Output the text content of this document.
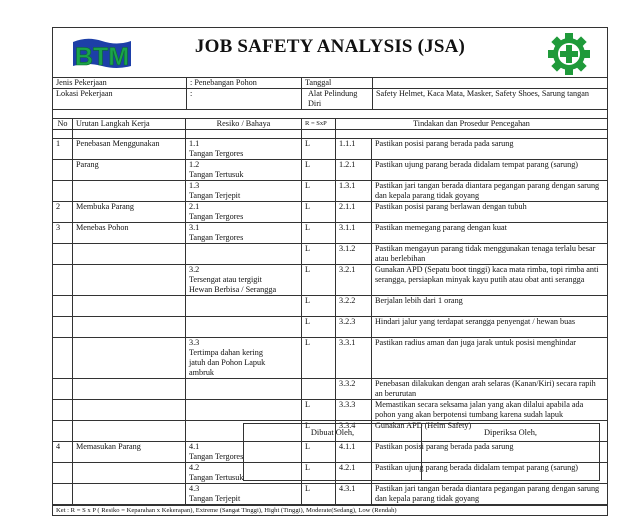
BTM	JOB SAFETY ANALYSIS (JSA)
Jenis Pekerjaan	: Penebangan Pohon	Tanggal	
Lokasi Pekerjaan	:	Alat Pelindung Diri	Safety Helmet, Kaca Mata, Masker, Safety Shoes, Sarung tangan
No	Urutan Langkah Kerja	Resiko / Bahaya	R = SxP	Tindakan dan Prosedur Pencegahan	

1	Penebasan Menggunakan	1.1Tangan Tergores	L	1.1.1	Pastikan posisi parang berada pada sarung
	Parang	1.2Tangan Tertusuk	L	1.2.1	Pastikan ujung parang berada didalam tempat parang (sarung)
		1.3Tangan Terjepit	L	1.3.1	Pastikan jari tangan berada diantara pegangan parang dengan sarung dan kepala parang tidak goyang
2	Membuka Parang	2.1Tangan Tergores	L	2.1.1	Pastikan posisi parang berlawan dengan tubuh
3	Menebas Pohon	3.1Tangan Tergores	L	3.1.1	Pastikan memegang parang dengan kuat
			L	3.1.2	Pastikan mengayun parang tidak menggunakan tenaga terlalu besar atau berlebihan
		3.2Tersengat atau tergigit Hewan Berbisa / Serangga	L	3.2.1	Gunakan APD (Sepatu boot tinggi) kaca mata rimba, topi rimba anti serangga, persiapkan minyak kayu putih atau obat anti serangga
			L	3.2.2	Berjalan lebih dari 1 orang
			L	3.2.3	Hindari jalur yang terdapat serangga penyengat / hewan buas
		3.3Tertimpa dahan kering jatuh dan Pohon Lapuk ambruk	L	3.3.1	Pastikan radius aman dan juga jarak untuk posisi menghindar
				3.3.2	Penebasan dilakukan dengan arah selaras (Kanan/Kiri) secara rapih an berurutan
			L	3.3.3	Memastikan secara seksama jalan yang akan dilalui apabila ada pohon yang akan berpotensi tumbang karena sudah lapuk
			L	3.3.4	Gunakan APD (Helm Safety)
4	Memasukan Parang	4.1Tangan Tergores	L	4.1.1	Pastikan posisi parang berada pada sarung
		4.2Tangan Tertusuk	L	4.2.1	Pastikan ujung parang berada didalam tempat parang (sarung)
		4.3Tangan Terjepit	L	4.3.1	Pastikan jari tangan berada diantara pegangan parang dengan sarung dan kepala parang tidak goyang
Ket : R = S x P ( Resiko = Keparahan x Kekerapan), Extreme (Sangat Tinggi), Hight (Tinggi), Moderate(Sedang), Low (Rendah)					
Dibuat Oleh,	Diperiksa Oleh,
